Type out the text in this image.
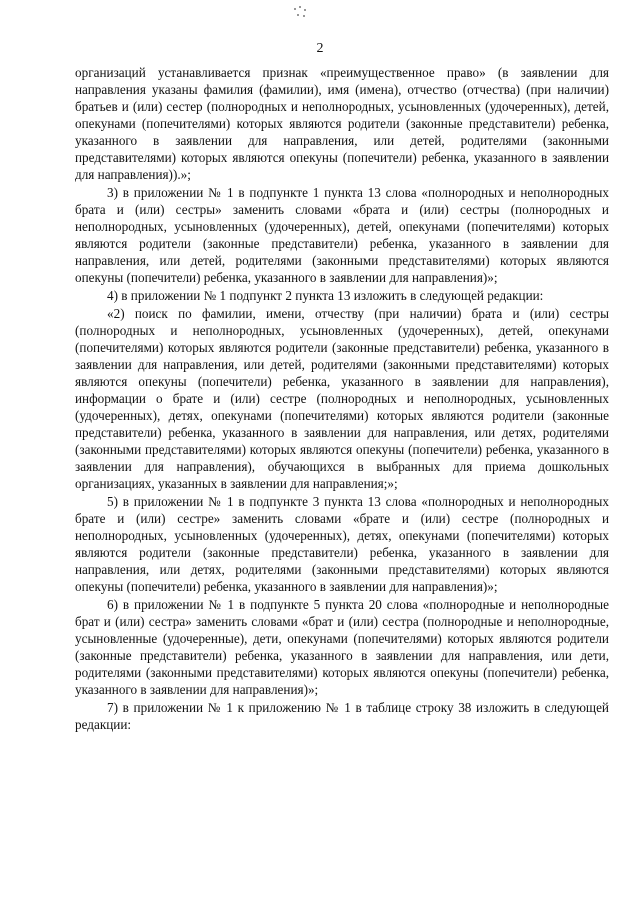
2

организаций устанавливается признак «преимущественное право» (в заявлении для направления указаны фамилия (фамилии), имя (имена), отчество (отчества) (при наличии) братьев и (или) сестер (полнородных и неполнородных, усыновленных (удочеренных), детей, опекунами (попечителями) которых являются родители (законные представители) ребенка, указанного в заявлении для направления, или детей, родителями (законными представителями) которых являются опекуны (попечители) ребенка, указанного в заявлении для направления)).»;

3) в приложении № 1 в подпункте 1 пункта 13 слова «полнородных и неполнородных брата и (или) сестры» заменить словами «брата и (или) сестры (полнородных и неполнородных, усыновленных (удочеренных), детей, опекунами (попечителями) которых являются родители (законные представители) ребенка, указанного в заявлении для направления, или детей, родителями (законными представителями) которых являются опекуны (попечители) ребенка, указанного в заявлении для направления)»;

4) в приложении № 1 подпункт 2 пункта 13 изложить в следующей редакции:

«2) поиск по фамилии, имени, отчеству (при наличии) брата и (или) сестры (полнородных и неполнородных, усыновленных (удочеренных), детей, опекунами (попечителями) которых являются родители (законные представители) ребенка, указанного в заявлении для направления, или детей, родителями (законными представителями) которых являются опекуны (попечители) ребенка, указанного в заявлении для направления), информации о брате и (или) сестре (полнородных и неполнородных, усыновленных (удочеренных), детях, опекунами (попечителями) которых являются родители (законные представители) ребенка, указанного в заявлении для направления, или детях, родителями (законными представителями) которых являются опекуны (попечители) ребенка, указанного в заявлении для направления), обучающихся в выбранных для приема дошкольных организациях, указанных в заявлении для направления;»;

5) в приложении № 1 в подпункте 3 пункта 13 слова «полнородных и неполнородных брате и (или) сестре» заменить словами «брате и (или) сестре (полнородных и неполнородных, усыновленных (удочеренных), детях, опекунами (попечителями) которых являются родители (законные представители) ребенка, указанного в заявлении для направления, или детях, родителями (законными представителями) которых являются опекуны (попечители) ребенка, указанного в заявлении для направления)»;

6) в приложении № 1 в подпункте 5 пункта 20 слова «полнородные и неполнородные брат и (или) сестра» заменить словами «брат и (или) сестра (полнородные и неполнородные, усыновленные (удочеренные), дети, опекунами (попечителями) которых являются родители (законные представители) ребенка, указанного в заявлении для направления, или дети, родителями (законными представителями) которых являются опекуны (попечители) ребенка, указанного в заявлении для направления)»;

7) в приложении № 1 к приложению № 1 в таблице строку 38 изложить в следующей редакции:
